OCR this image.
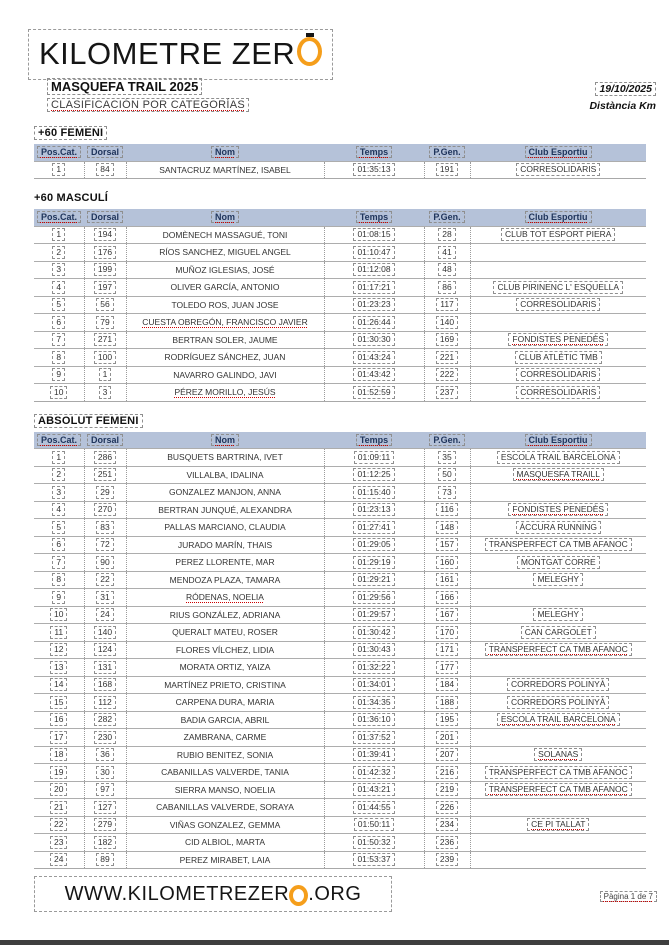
KILOMETRE ZER
MASQUEFA TRAIL 2025
CLASIFICACIÓN POR CATEGORÍAS
19/10/2025
Distància Km
+60 FEMENI
Pos.Cat.	Dorsal	Nom	Temps	P.Gen.	Club Esportiu
1	84	SANTACRUZ MARTÍNEZ, ISABEL	01:35:13	191	CORRESOLIDARIS
+60 MASCULÍ
Pos.Cat.	Dorsal	Nom	Temps	P.Gen.	Club Esportiu
1	194	DOMÈNECH MASSAGUÉ, TONI	01:08:15	28	CLUB TOT ESPORT PIERA
2	176	RÍOS SANCHEZ, MIGUEL ANGEL	01:10:47	41	
3	199	MUÑOZ IGLESIAS, JOSÉ	01:12:08	48	
4	197	OLIVER GARCÍA, ANTONIO	01:17:21	86	CLUB PIRINENC L' ESQUELLA
5	56	TOLEDO ROS, JUAN JOSE	01:23:23	117	CORRESOLIDARIS
6	79	CUESTA OBREGÓN, FRANCISCO JAVIER	01:26:44	140	
7	271	BERTRAN SOLER, JAUME	01:30:30	169	FONDISTES PENEDÈS
8	100	RODRÍGUEZ SÁNCHEZ, JUAN	01:43:24	221	CLUB ATLÉTIC TMB
9	1	NAVARRO GALINDO, JAVI	01:43:42	222	CORRESOLIDARIS
10	3	PÉREZ MORILLO, JESÚS	01:52:59	237	CORRESOLIDARIS
ABSOLUT FEMENI
Pos.Cat.	Dorsal	Nom	Temps	P.Gen.	Club Esportiu
1	286	BUSQUETS BARTRINA, IVET	01:09:11	35	ESCOLA TRAIL BARCELONA
2	251	VILLALBA, IDALINA	01:12:25	50	MASQUESFA TRAILL
3	29	GONZALEZ MANJON, ANNA	01:15:40	73	
4	270	BERTRAN JUNQUÉ, ALEXANDRA	01:23:13	116	FONDISTES PENEDÈS
5	83	PALLAS MARCIANO, CLAUDIA	01:27:41	148	ÁCCURA RUNNING
6	72	JURADO MARÍN, THAIS	01:29:05	157	TRANSPERFECT CA TMB AFANOC
7	90	PEREZ LLORENTE, MAR	01:29:19	160	MONTGAT CORRE
8	22	MENDOZA PLAZA, TAMARA	01:29:21	161	MELEGHY
9	31	RÓDENAS, NOELIA	01:29:56	166	
10	24	RIUS GONZÁLEZ, ADRIANA	01:29:57	167	MELEGHY
11	140	QUERALT MATEU, ROSER	01:30:42	170	CAN CARGOLET
12	124	FLORES VÍLCHEZ, LIDIA	01:30:43	171	TRANSPERFECT CA TMB AFANOC
13	131	MORATA ORTIZ, YAIZA	01:32:22	177	
14	168	MARTÍNEZ PRIETO, CRISTINA	01:34:01	184	CORREDORS POLINYÀ
15	112	CARPENA DURA, MARIA	01:34:35	188	CORREDORS POLINYÀ
16	282	BADIA GARCIA, ABRIL	01:36:10	195	ESCOLA TRAIL BARCELONA
17	230	ZAMBRANA, CARME	01:37:52	201	
18	36	RUBIO BENITEZ, SONIA	01:39:41	207	SOLANAS
19	30	CABANILLAS VALVERDE, TANIA	01:42:32	216	TRANSPERFECT CA TMB AFANOC
20	97	SIERRA MANSO, NOELIA	01:43:21	219	TRANSPERFECT CA TMB AFANOC
21	127	CABANILLAS VALVERDE, SORAYA	01:44:55	226	
22	279	VIÑAS GONZALEZ, GEMMA	01:50:11	234	CE PI TALLAT
23	182	CID ALBIOL, MARTA	01:50:32	236	
24	89	PEREZ MIRABET, LAIA	01:53:37	239	
WWW.KILOMETREZER .ORG	Pàgina 1 de 7
